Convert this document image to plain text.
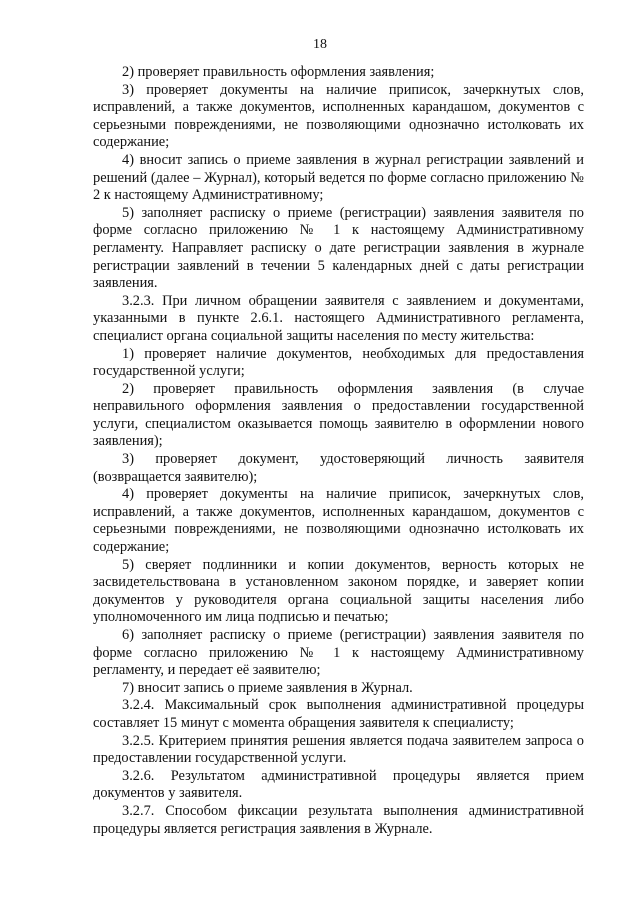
18

2) проверяет правильность оформления заявления;

3) проверяет документы на наличие приписок, зачеркнутых слов, исправлений, а также документов, исполненных карандашом, документов с серьезными повреждениями, не позволяющими однозначно истолковать их содержание;

4) вносит запись о приеме заявления в журнал регистрации заявлений и решений (далее – Журнал), который ведется по форме согласно приложению № 2 к настоящему Административному;

5) заполняет расписку о приеме (регистрации) заявления заявителя по форме согласно приложению № 1 к настоящему Административному регламенту. Направляет расписку о дате регистрации заявления в журнале регистрации заявлений в течении 5 календарных дней с даты регистрации заявления.

3.2.3. При личном обращении заявителя с заявлением и документами, указанными в пункте 2.6.1. настоящего Административного регламента, специалист органа социальной защиты населения по месту жительства:

1) проверяет наличие документов, необходимых для предоставления государственной услуги;

2) проверяет правильность оформления заявления (в случае неправильного оформления заявления о предоставлении государственной услуги, специалистом оказывается помощь заявителю в оформлении нового заявления);

3) проверяет документ, удостоверяющий личность заявителя (возвращается заявителю);

4) проверяет документы на наличие приписок, зачеркнутых слов, исправлений, а также документов, исполненных карандашом, документов с серьезными повреждениями, не позволяющими однозначно истолковать их содержание;

5) сверяет подлинники и копии документов, верность которых не засвидетельствована в установленном законом порядке, и заверяет копии документов у руководителя органа социальной защиты населения либо уполномоченного им лица подписью и печатью;

6) заполняет расписку о приеме (регистрации) заявления заявителя по форме согласно приложению № 1 к настоящему Административному регламенту, и передает её заявителю;

7) вносит запись о приеме заявления в Журнал.

3.2.4. Максимальный срок выполнения административной процедуры составляет 15 минут с момента обращения заявителя к специалисту;

3.2.5. Критерием принятия решения является подача заявителем запроса о предоставлении государственной услуги.

3.2.6. Результатом административной процедуры является прием документов у заявителя.

3.2.7. Способом фиксации результата выполнения административной процедуры является регистрация заявления в Журнале.
